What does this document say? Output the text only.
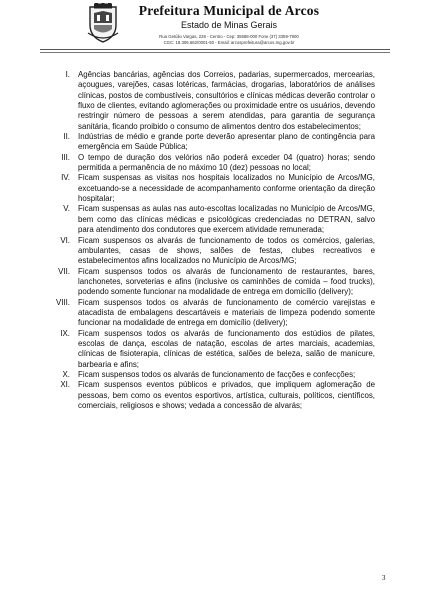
Prefeitura Municipal de Arcos
Estado de Minas Gerais
Rua Getúlio Vargas, 228 - Centro - Cep: 35588-000 Fone (37) 3359-7900
CGC: 18.306.662/0001-50 - Email: arcosprefeitura@arcos.mg.gov.br
I. Agências bancárias, agências dos Correios, padarias, supermercados, mercearias, açougues, varejões, casas lotéricas, farmácias, drogarias, laboratórios de análises clínicas, postos de combustíveis, consultórios e clínicas médicas deverão controlar o fluxo de clientes, evitando aglomerações ou proximidade entre os usuários, devendo restringir número de pessoas a serem atendidas, para garantia de segurança sanitária, ficando proibido o consumo de alimentos dentro dos estabelecimentos;
II. Indústrias de médio e grande porte deverão apresentar plano de contingência para emergência em Saúde Pública;
III. O tempo de duração dos velórios não poderá exceder 04 (quatro) horas; sendo permitida a permanência de no máximo 10 (dez) pessoas no local;
IV. Ficam suspensas as visitas nos hospitais localizados no Município de Arcos/MG, excetuando-se a necessidade de acompanhamento conforme orientação da direção hospitalar;
V. Ficam suspensas as aulas nas auto-escoltas localizadas no Município de Arcos/MG, bem como das clínicas médicas e psicológicas credenciadas no DETRAN, salvo para atendimento dos condutores que exercem atividade remunerada;
VI. Ficam suspensos os alvarás de funcionamento de todos os comércios, galerias, ambulantes, casas de shows, salões de festas, clubes recreativos e estabelecimentos afins localizados no Município de Arcos/MG;
VII. Ficam suspensos todos os alvarás de funcionamento de restaurantes, bares, lanchonetes, sorveterias e afins (inclusive os caminhões de comida – food trucks), podendo somente funcionar na modalidade de entrega em domicílio (delivery);
VIII. Ficam suspensos todos os alvarás de funcionamento de comércio varejistas e atacadista de embalagens descartáveis e materiais de limpeza podendo somente funcionar na modalidade de entrega em domicílio (delivery);
IX. Ficam suspensos todos os alvarás de funcionamento dos estúdios de pilates, escolas de dança, escolas de natação, escolas de artes marciais, academias, clínicas de fisioterapia, clínicas de estética, salões de beleza, salão de manicure, barbearia e afins;
X. Ficam suspensos todos os alvarás de funcionamento de facções e confecções;
XI. Ficam suspensos eventos públicos e privados, que impliquem aglomeração de pessoas, bem como os eventos esportivos, artística, culturais, políticos, científicos, comerciais, religiosos e shows; vedada a concessão de alvarás;
3
